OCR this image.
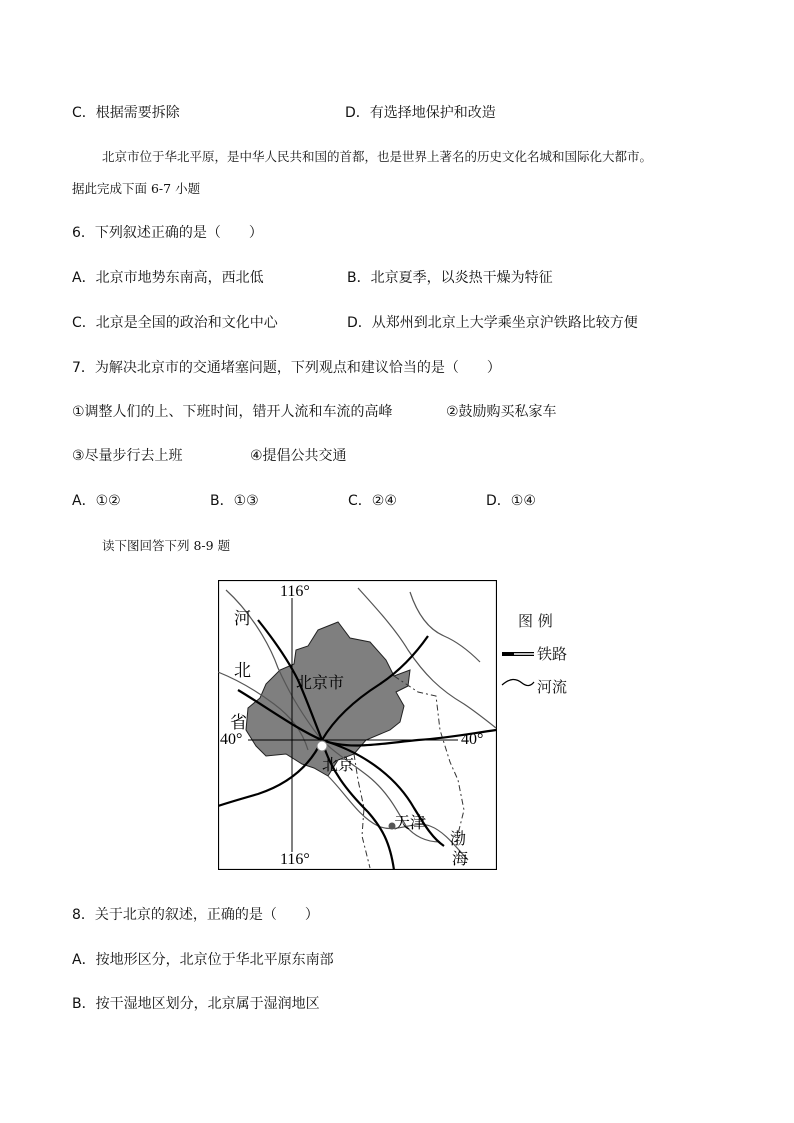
C．根据需要拆除	D．有选择地保护和改造
北京市位于华北平原，是中华人民共和国的首都，也是世界上著名的历史文化名城和国际化大都市。
据此完成下面 6-7 小题
6．下列叙述正确的是（　　）
A．北京市地势东南高，西北低	B．北京夏季，以炎热干燥为特征
C．北京是全国的政治和文化中心	D．从郑州到北京上大学乘坐京沪铁路比较方便
7．为解决北京市的交通堵塞问题，下列观点和建议恰当的是（　　）
①调整人们的上、下班时间，错开人流和车流的高峰	②鼓励购买私家车
③尽量步行去上班	④提倡公共交通
A．①②	B．①③	C．②④	D．①④
读下图回答下列 8-9 题
116°
116°
40°	40°
河
北
省
北京市
北京
天津
渤
海
图 例
铁路
河流
8．关于北京的叙述，正确的是（　　）
A．按地形区分，北京位于华北平原东南部
B．按干湿地区划分，北京属于湿润地区
